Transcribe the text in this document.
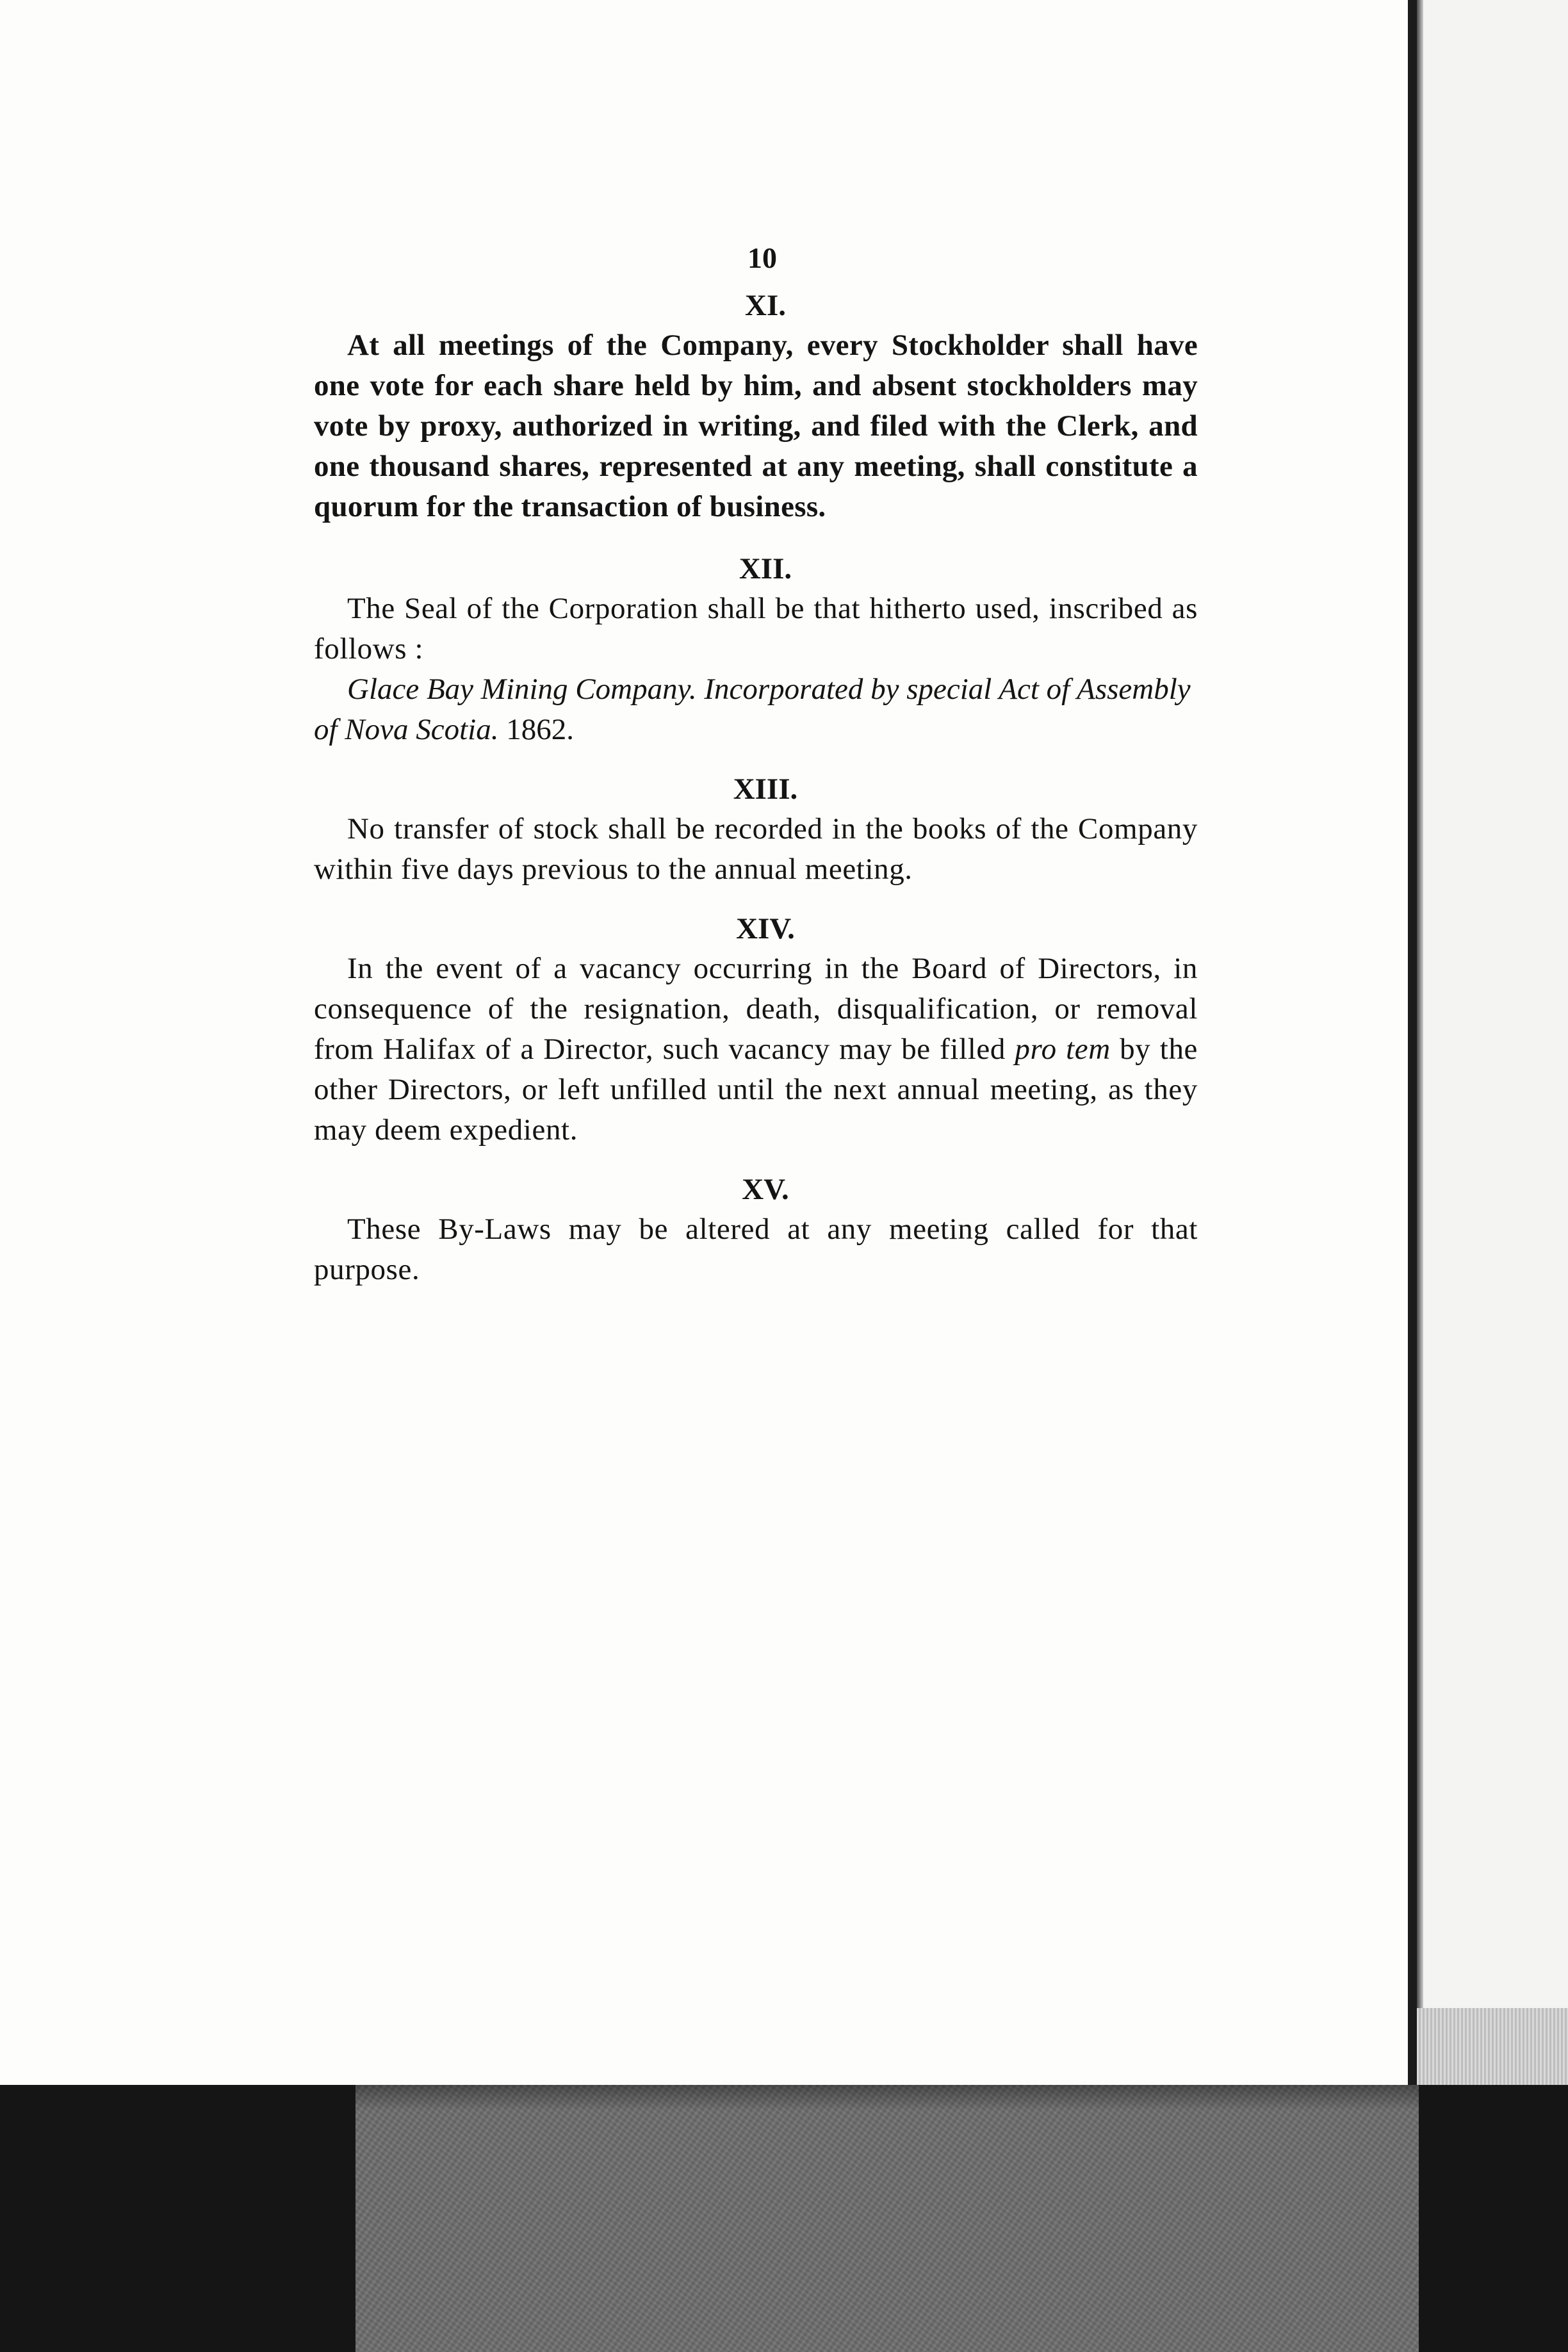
10
XI.

At all meetings of the Company, every Stockholder shall have one vote for each share held by him, and absent stockholders may vote by proxy, authorized in writing, and filed with the Clerk, and one thousand shares, represented at any meeting, shall constitute a quorum for the transaction of business.

XII.

The Seal of the Corporation shall be that hitherto used, inscribed as follows :

Glace Bay Mining Company. Incorporated by special Act of Assembly of Nova Scotia. 1862.

XIII.

No transfer of stock shall be recorded in the books of the Company within five days previous to the annual meeting.

XIV.

In the event of a vacancy occurring in the Board of Directors, in consequence of the resignation, death, disqualification, or removal from Halifax of a Director, such vacancy may be filled pro tem by the other Directors, or left unfilled until the next annual meeting, as they may deem expedient.

XV.

These By-Laws may be altered at any meeting called for that purpose.
